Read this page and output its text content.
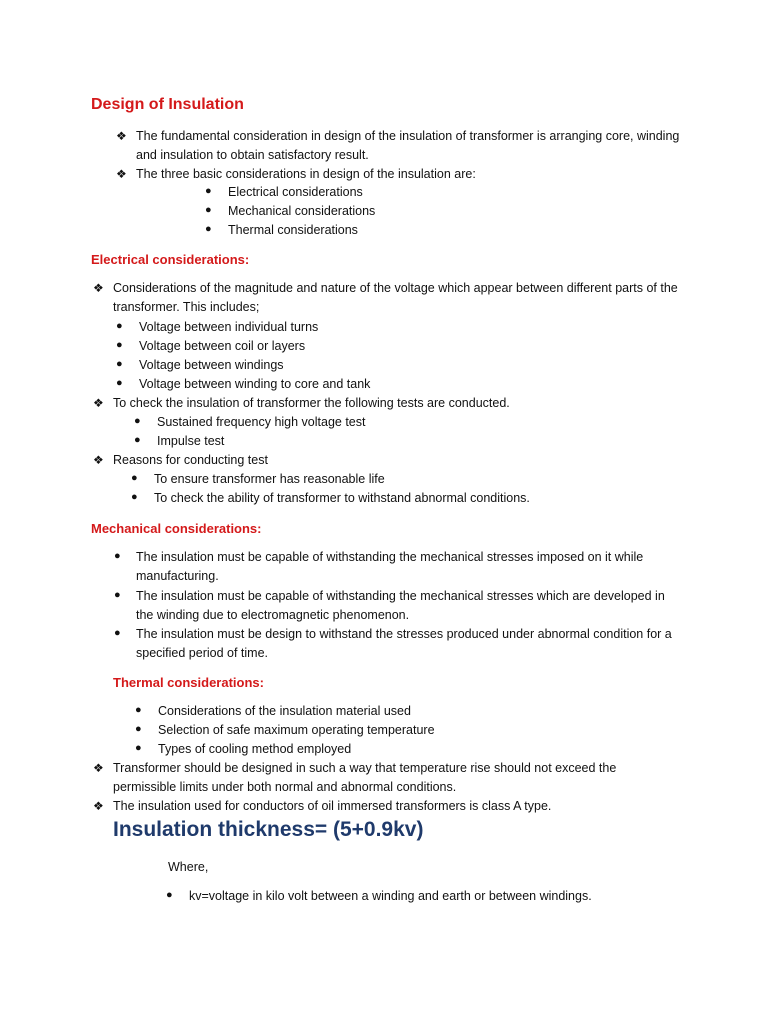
Design of Insulation
❖ The fundamental consideration in design of the insulation of transformer is arranging core, winding and insulation to obtain satisfactory result.
❖ The three basic considerations in design of the insulation are:
● Electrical considerations
● Mechanical considerations
● Thermal considerations
Electrical considerations:
❖ Considerations of the magnitude and nature of the voltage which appear between different parts of the transformer. This includes;
● Voltage between individual turns
● Voltage between coil or layers
● Voltage between windings
● Voltage between winding to core and tank
❖ To check the insulation of transformer the following tests are conducted.
● Sustained frequency high voltage test
● Impulse test
❖ Reasons for conducting test
● To ensure transformer has reasonable life
● To check the ability of transformer to withstand abnormal conditions.
Mechanical considerations:
● The insulation must be capable of withstanding the mechanical stresses imposed on it while manufacturing.
● The insulation must be capable of withstanding the mechanical stresses which are developed in the winding due to electromagnetic phenomenon.
● The insulation must be design to withstand the stresses produced under abnormal condition for a specified period of time.
Thermal considerations:
● Considerations of the insulation material used
● Selection of safe maximum operating temperature
● Types of cooling method employed
❖ Transformer should be designed in such a way that temperature rise should not exceed the permissible limits under both normal and abnormal conditions.
❖ The insulation used for conductors of oil immersed transformers is class A type.
Insulation thickness= (5+0.9kv)
Where,
● kv=voltage in kilo volt between a winding and earth or between windings.
